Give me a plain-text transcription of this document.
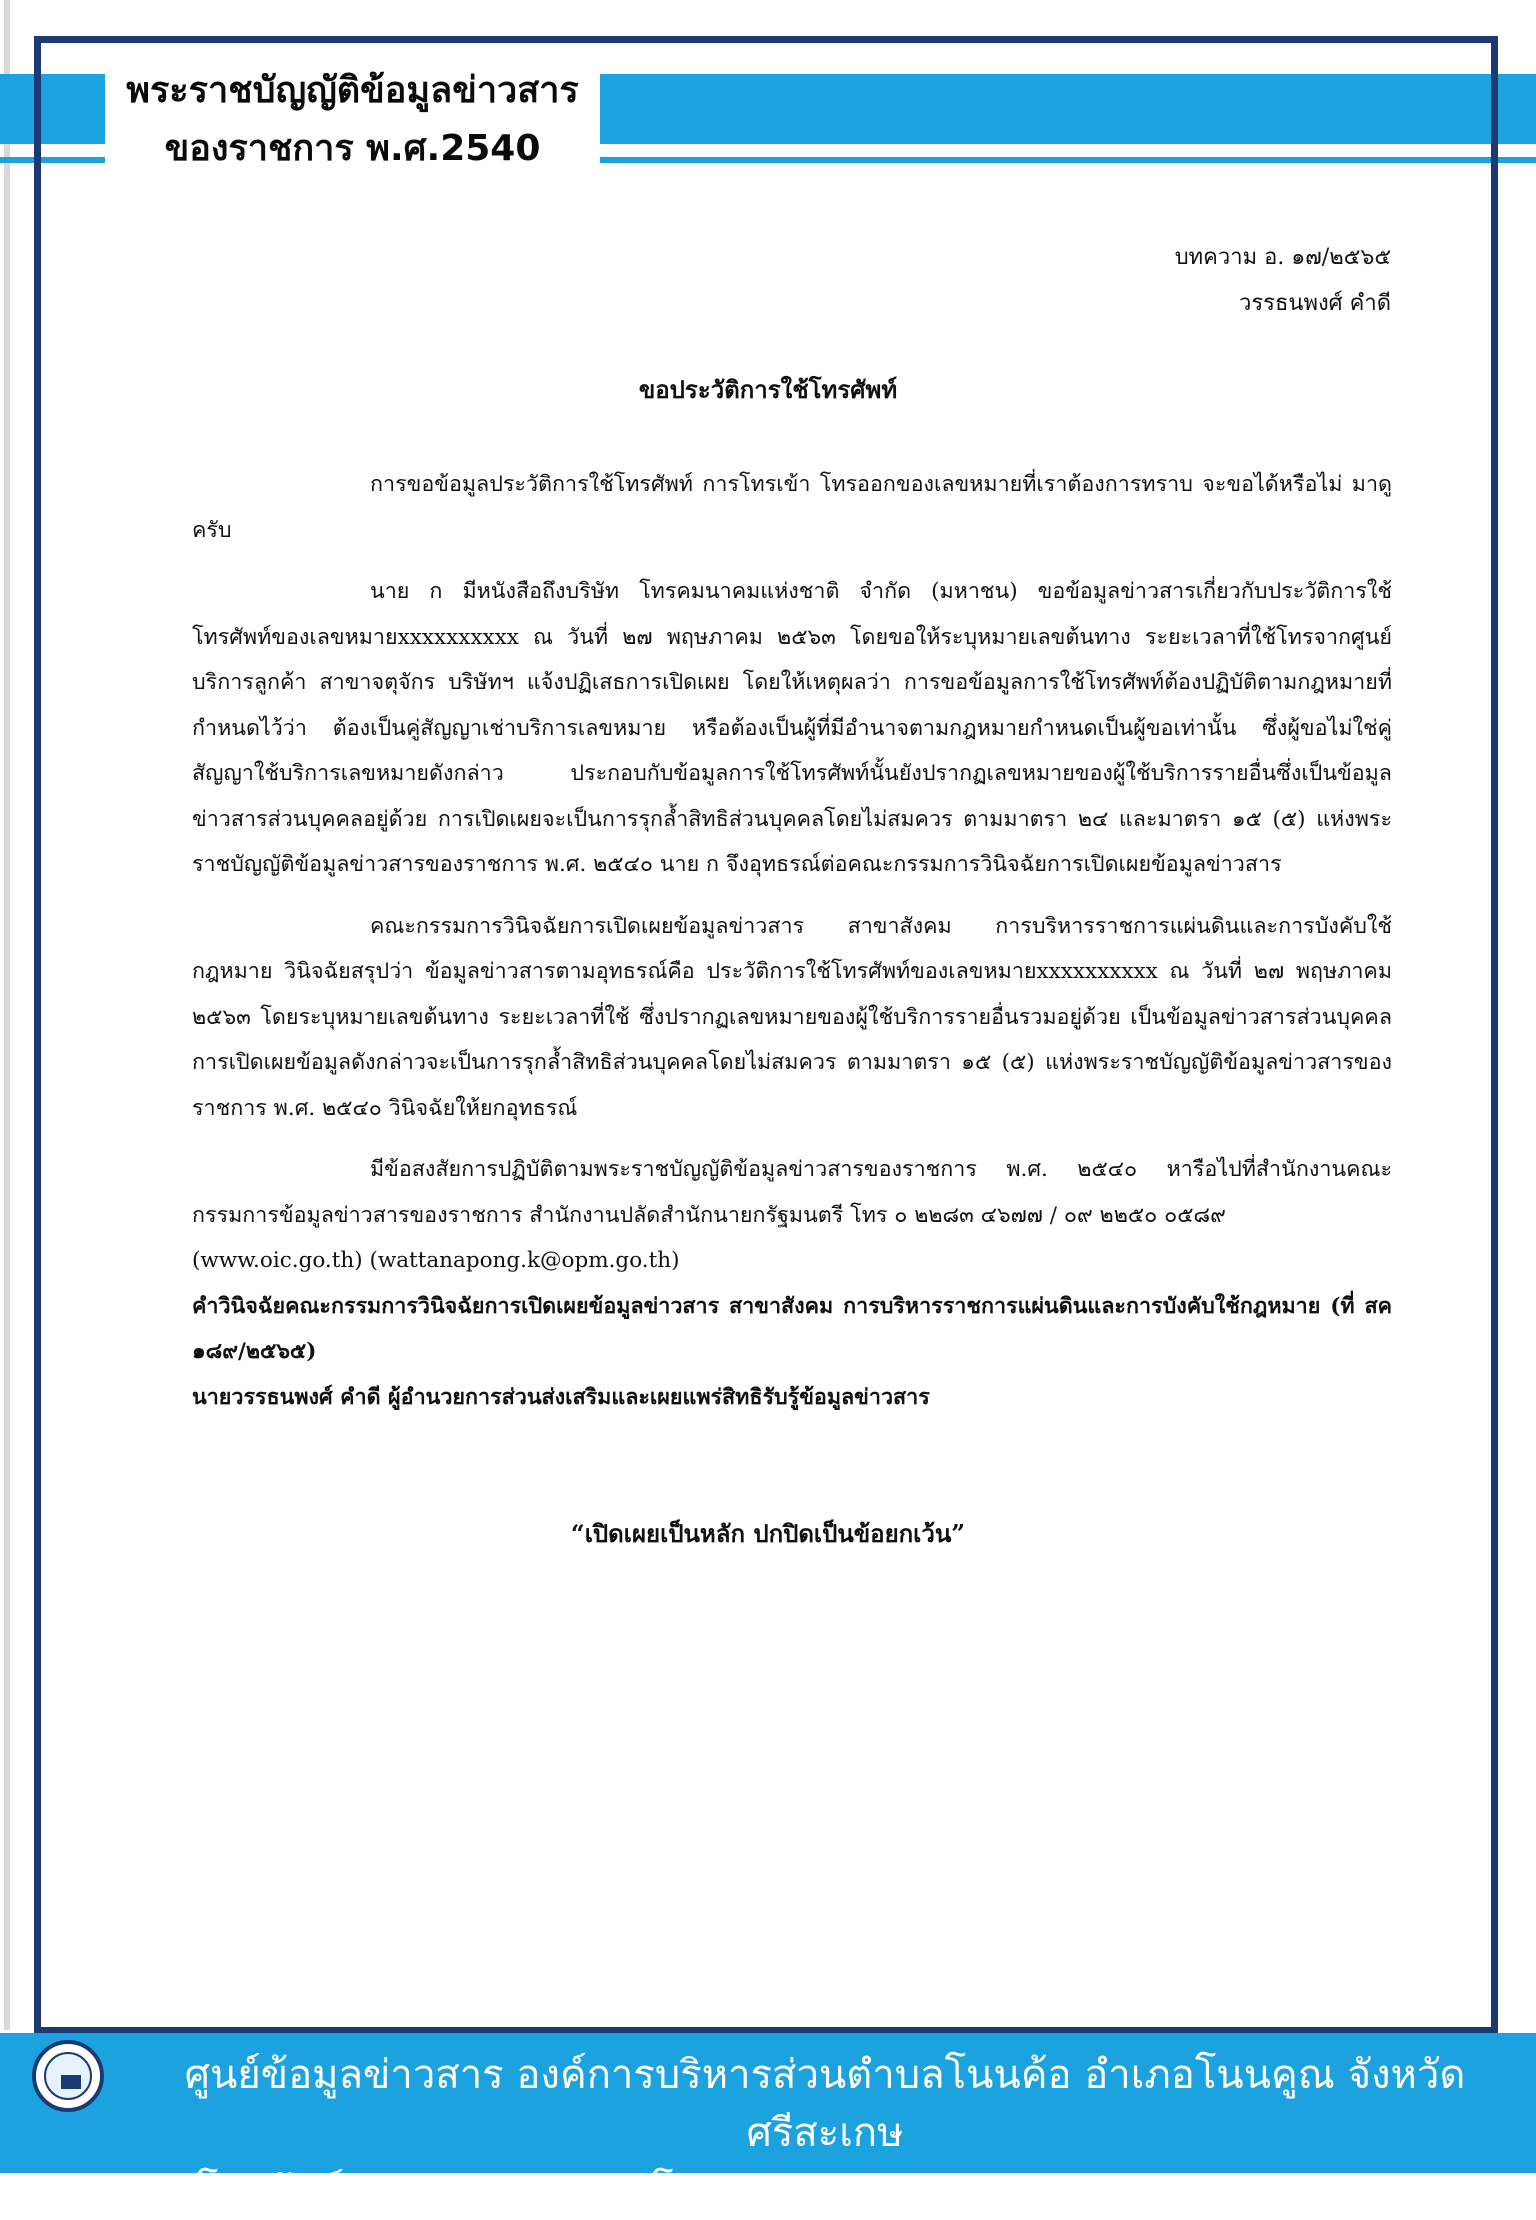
พระราชบัญญัติข้อมูลข่าวสาร
ของราชการ พ.ศ.2540
บทความ อ. ๑๗/๒๕๖๕
วรรธนพงศ์ คำดี
ขอประวัติการใช้โทรศัพท์

การขอข้อมูลประวัติการใช้โทรศัพท์ การโทรเข้า โทรออกของเลขหมายที่เราต้องการทราบ จะขอได้หรือไม่ มาดูครับ

นาย ก มีหนังสือถึงบริษัท โทรคมนาคมแห่งชาติ จำกัด (มหาชน) ขอข้อมูลข่าวสารเกี่ยวกับประวัติการใช้โทรศัพท์ของเลขหมายxxxxxxxxxx ณ วันที่ ๒๗ พฤษภาคม ๒๕๖๓ โดยขอให้ระบุหมายเลขต้นทาง ระยะเวลาที่ใช้โทรจากศูนย์บริการลูกค้า สาขาจตุจักร บริษัทฯ แจ้งปฏิเสธการเปิดเผย โดยให้เหตุผลว่า การขอข้อมูลการใช้โทรศัพท์ต้องปฏิบัติตามกฎหมายที่กำหนดไว้ว่า ต้องเป็นคู่สัญญาเช่าบริการเลขหมาย หรือต้องเป็นผู้ที่มีอำนาจตามกฎหมายกำหนดเป็นผู้ขอเท่านั้น ซึ่งผู้ขอไม่ใช่คู่สัญญาใช้บริการเลขหมายดังกล่าว ประกอบกับข้อมูลการใช้โทรศัพท์นั้นยังปรากฏเลขหมายของผู้ใช้บริการรายอื่นซึ่งเป็นข้อมูลข่าวสารส่วนบุคคลอยู่ด้วย การเปิดเผยจะเป็นการรุกล้ำสิทธิส่วนบุคคลโดยไม่สมควร ตามมาตรา ๒๔ และมาตรา ๑๕ (๕) แห่งพระราชบัญญัติข้อมูลข่าวสารของราชการ พ.ศ. ๒๕๔๐ นาย ก จึงอุทธรณ์ต่อคณะกรรมการวินิจฉัยการเปิดเผยข้อมูลข่าวสาร

คณะกรรมการวินิจฉัยการเปิดเผยข้อมูลข่าวสาร สาขาสังคม การบริหารราชการแผ่นดินและการบังคับใช้กฎหมาย วินิจฉัยสรุปว่า ข้อมูลข่าวสารตามอุทธรณ์คือ ประวัติการใช้โทรศัพท์ของเลขหมายxxxxxxxxxx ณ วันที่ ๒๗ พฤษภาคม ๒๕๖๓ โดยระบุหมายเลขต้นทาง ระยะเวลาที่ใช้ ซึ่งปรากฏเลขหมายของผู้ใช้บริการรายอื่นรวมอยู่ด้วย เป็นข้อมูลข่าวสารส่วนบุคคล การเปิดเผยข้อมูลดังกล่าวจะเป็นการรุกล้ำสิทธิส่วนบุคคลโดยไม่สมควร ตามมาตรา ๑๕ (๕) แห่งพระราชบัญญัติข้อมูลข่าวสารของราชการ พ.ศ. ๒๕๔๐ วินิจฉัยให้ยกอุทธรณ์

มีข้อสงสัยการปฏิบัติตามพระราชบัญญัติข้อมูลข่าวสารของราชการ พ.ศ. ๒๕๔๐ หารือไปที่สำนักงานคณะกรรมการข้อมูลข่าวสารของราชการ สำนักงานปลัดสำนักนายกรัฐมนตรี โทร ๐ ๒๒๘๓ ๔๖๗๗ / ๐๙ ๒๒๕๐ ๐๕๘๙

(www.oic.go.th) (wattanapong.k@opm.go.th)

คำวินิจฉัยคณะกรรมการวินิจฉัยการเปิดเผยข้อมูลข่าวสาร สาขาสังคม การบริหารราชการแผ่นดินและการบังคับใช้กฎหมาย (ที่ สค ๑๘๙/๒๕๖๕)

นายวรรธนพงศ์ คำดี ผู้อำนวยการส่วนส่งเสริมและเผยแพร่สิทธิรับรู้ข้อมูลข่าวสาร

“เปิดเผยเป็นหลัก ปกปิดเป็นข้อยกเว้น”
ศูนย์ข้อมูลข่าวสาร องค์การบริหารส่วนตำบลโนนค้อ อำเภอโนนคูณ จังหวัดศรีสะเกษ
โทรศัพท์ : 045-659210, โทรสาร : 045659211, www.nonkho.go.th
